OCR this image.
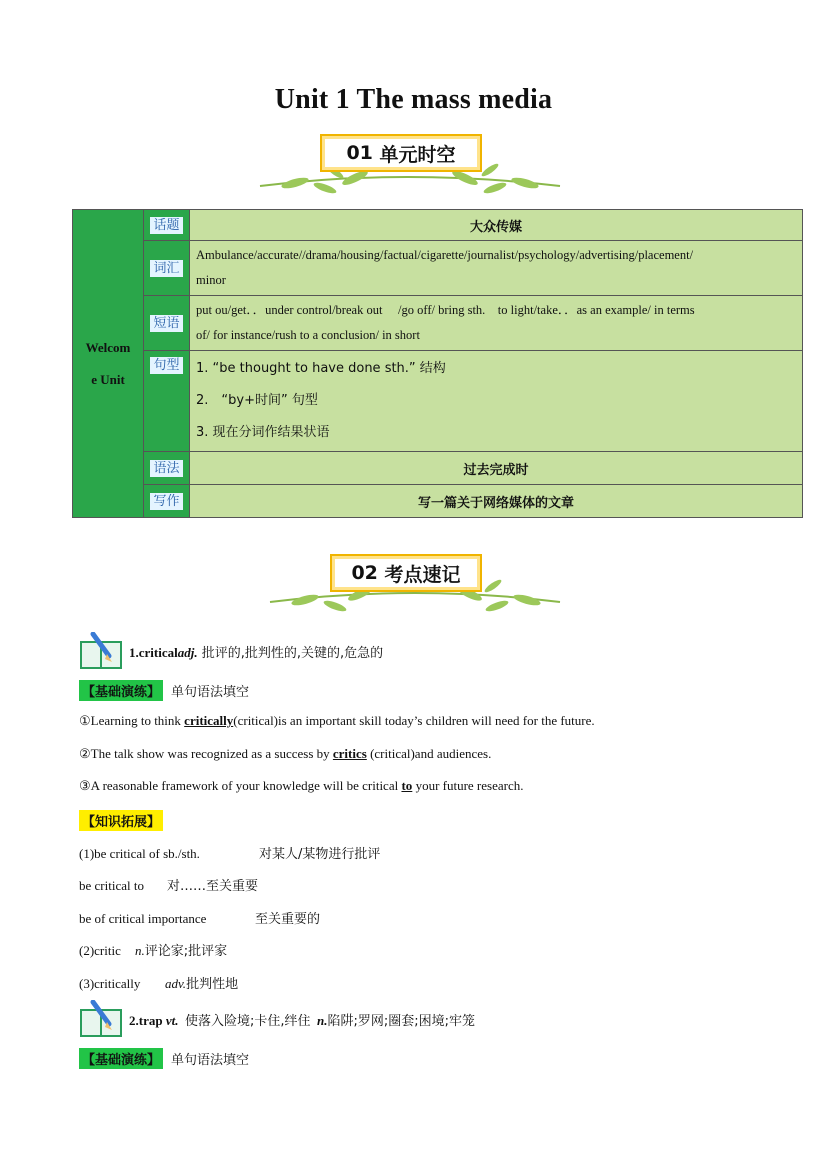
Unit 1 The mass media
01
单元时空
Welcom
e Unit	话题	大众传媒
	词汇	Ambulance/accurate//drama/housing/factual/cigarette/journalist/psychology/advertising/placement/
minor

	短语	put ou/get．．under control/break out　 /go off/ bring sth.　to light/take．．as an example/ in terms
of/ for instance/rush to a conclusion/ in short

	句型	1. “be thought to have done sth.” 结构
2.　“by+时间” 句型
3. 现在分词作结果状语

	语法	过去完成时
	写作	写一篇关于网络媒体的文章
02
考点速记
1.criticaladj. 批评的,批判性的,关键的,危急的
【基础演练】 单句语法填空
①Learning to think critically(critical)is an important skill today’s children will need for the future.
②The talk show was recognized as a success by critics (critical)and audiences.
③A reasonable framework of your knowledge will be critical to your future research.
【知识拓展】
(1)be critical of sb./sth.	对某人/某物进行批评
be critical to 对……至关重要
be of critical importance	至关重要的
(2)critic n.评论家;批评家
(3)critically adv.批判性地
2.trap vt. 使落入险境;卡住,绊住 n.陷阱;罗网;圈套;困境;牢笼
【基础演练】 单句语法填空
